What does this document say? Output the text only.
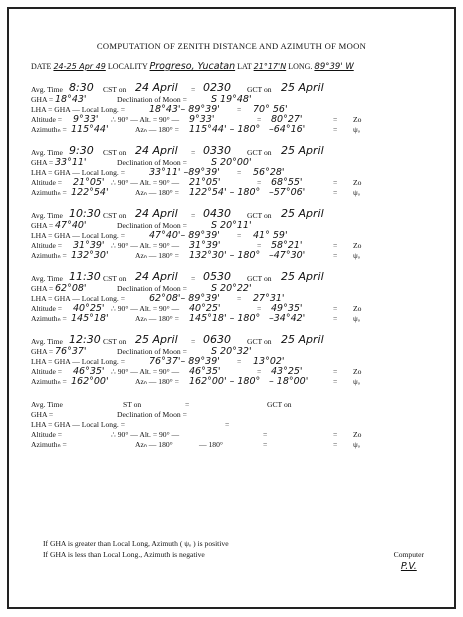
COMPUTATION OF ZENITH DISTANCE AND AZIMUTH OF MOON
DATE 24-25 Apr 49 LOCALITY Progreso, Yucatan LAT 21°17'N LONG. 89°39' W
Avg. Time 8:30 CST on 24 April = 0230 GCT on 25 April
GHA = 18°43'	Declination of Moon =	S 19°48'
LHA = GHA — Local Long. =	18°43'– 89°39' = 70° 56'
Altitude = 9°33' ∴ 90° — Alt. = 90° — 9°33'	= 80°27'	= Zo
Azimuthₙ = 115°44'	Azₙ — 180° = 115°44' – 180° –64°16'	= ψₒ
Avg. Time 9:30 CST on 24 April = 0330 GCT on 25 April
GHA = 33°11'	Declination of Moon =	S 20°00'
LHA = GHA — Local Long. =	33°11' –89°39' = 56°28'
Altitude = 21°05' ∴ 90° — Alt. = 90° — 21°05'	= 68°55'	= Zo
Azimuthₙ = 122°54'	Azₙ — 180° = 122°54' – 180° –57°06'	= ψₒ
Avg. Time 10:30 CST on 24 April = 0430 GCT on 25 April
GHA = 47°40'	Declination of Moon =	S 20°11'
LHA = GHA — Local Long. =	47°40'– 89°39' = 41° 59'
Altitude = 31°39' ∴ 90° — Alt. = 90° — 31°39'	= 58°21'	= Zo
Azimuthₙ = 132°30'	Azₙ — 180° = 132°30' – 180° –47°30'	= ψₒ
Avg. Time 11:30 CST on 24 April = 0530 GCT on 25 April
GHA = 62°08'	Declination of Moon =	S 20°22'
LHA = GHA — Local Long. =	62°08'– 89°39' = 27°31'
Altitude = 40°25' ∴ 90° — Alt. = 90° — 40°25'	= 49°35'	= Zo
Azimuthₙ = 145°18'	Azₙ — 180° = 145°18' – 180° –34°42'	= ψₒ
Avg. Time 12:30 CST on 25 April = 0630 GCT on 25 April
GHA = 76°37'	Declination of Moon =	S 20°32'
LHA = GHA — Local Long. =	76°37'– 89°39' = 13°02'
Altitude = 46°35' ∴ 90° — Alt. = 90° — 46°35'	= 43°25'	= Zo
Azimuthₙ = 162°00'	Azₙ — 180° = 162°00' – 180° – 18°00'	= ψₒ
Avg. Time	ST on	=	GCT on
GHA =	Declination of Moon =
LHA = GHA — Local Long. =	=
Altitude =	∴ 90° — Alt. = 90° —	=	= Zo
Azimuthₙ =	Azₙ — 180°	— 180°	=	= ψₒ
If GHA is greater than Local Long, Azimuth ( ψₒ ) is positive
If GHA is less than Local Long., Azimuth is negative	Computer
P.V.
